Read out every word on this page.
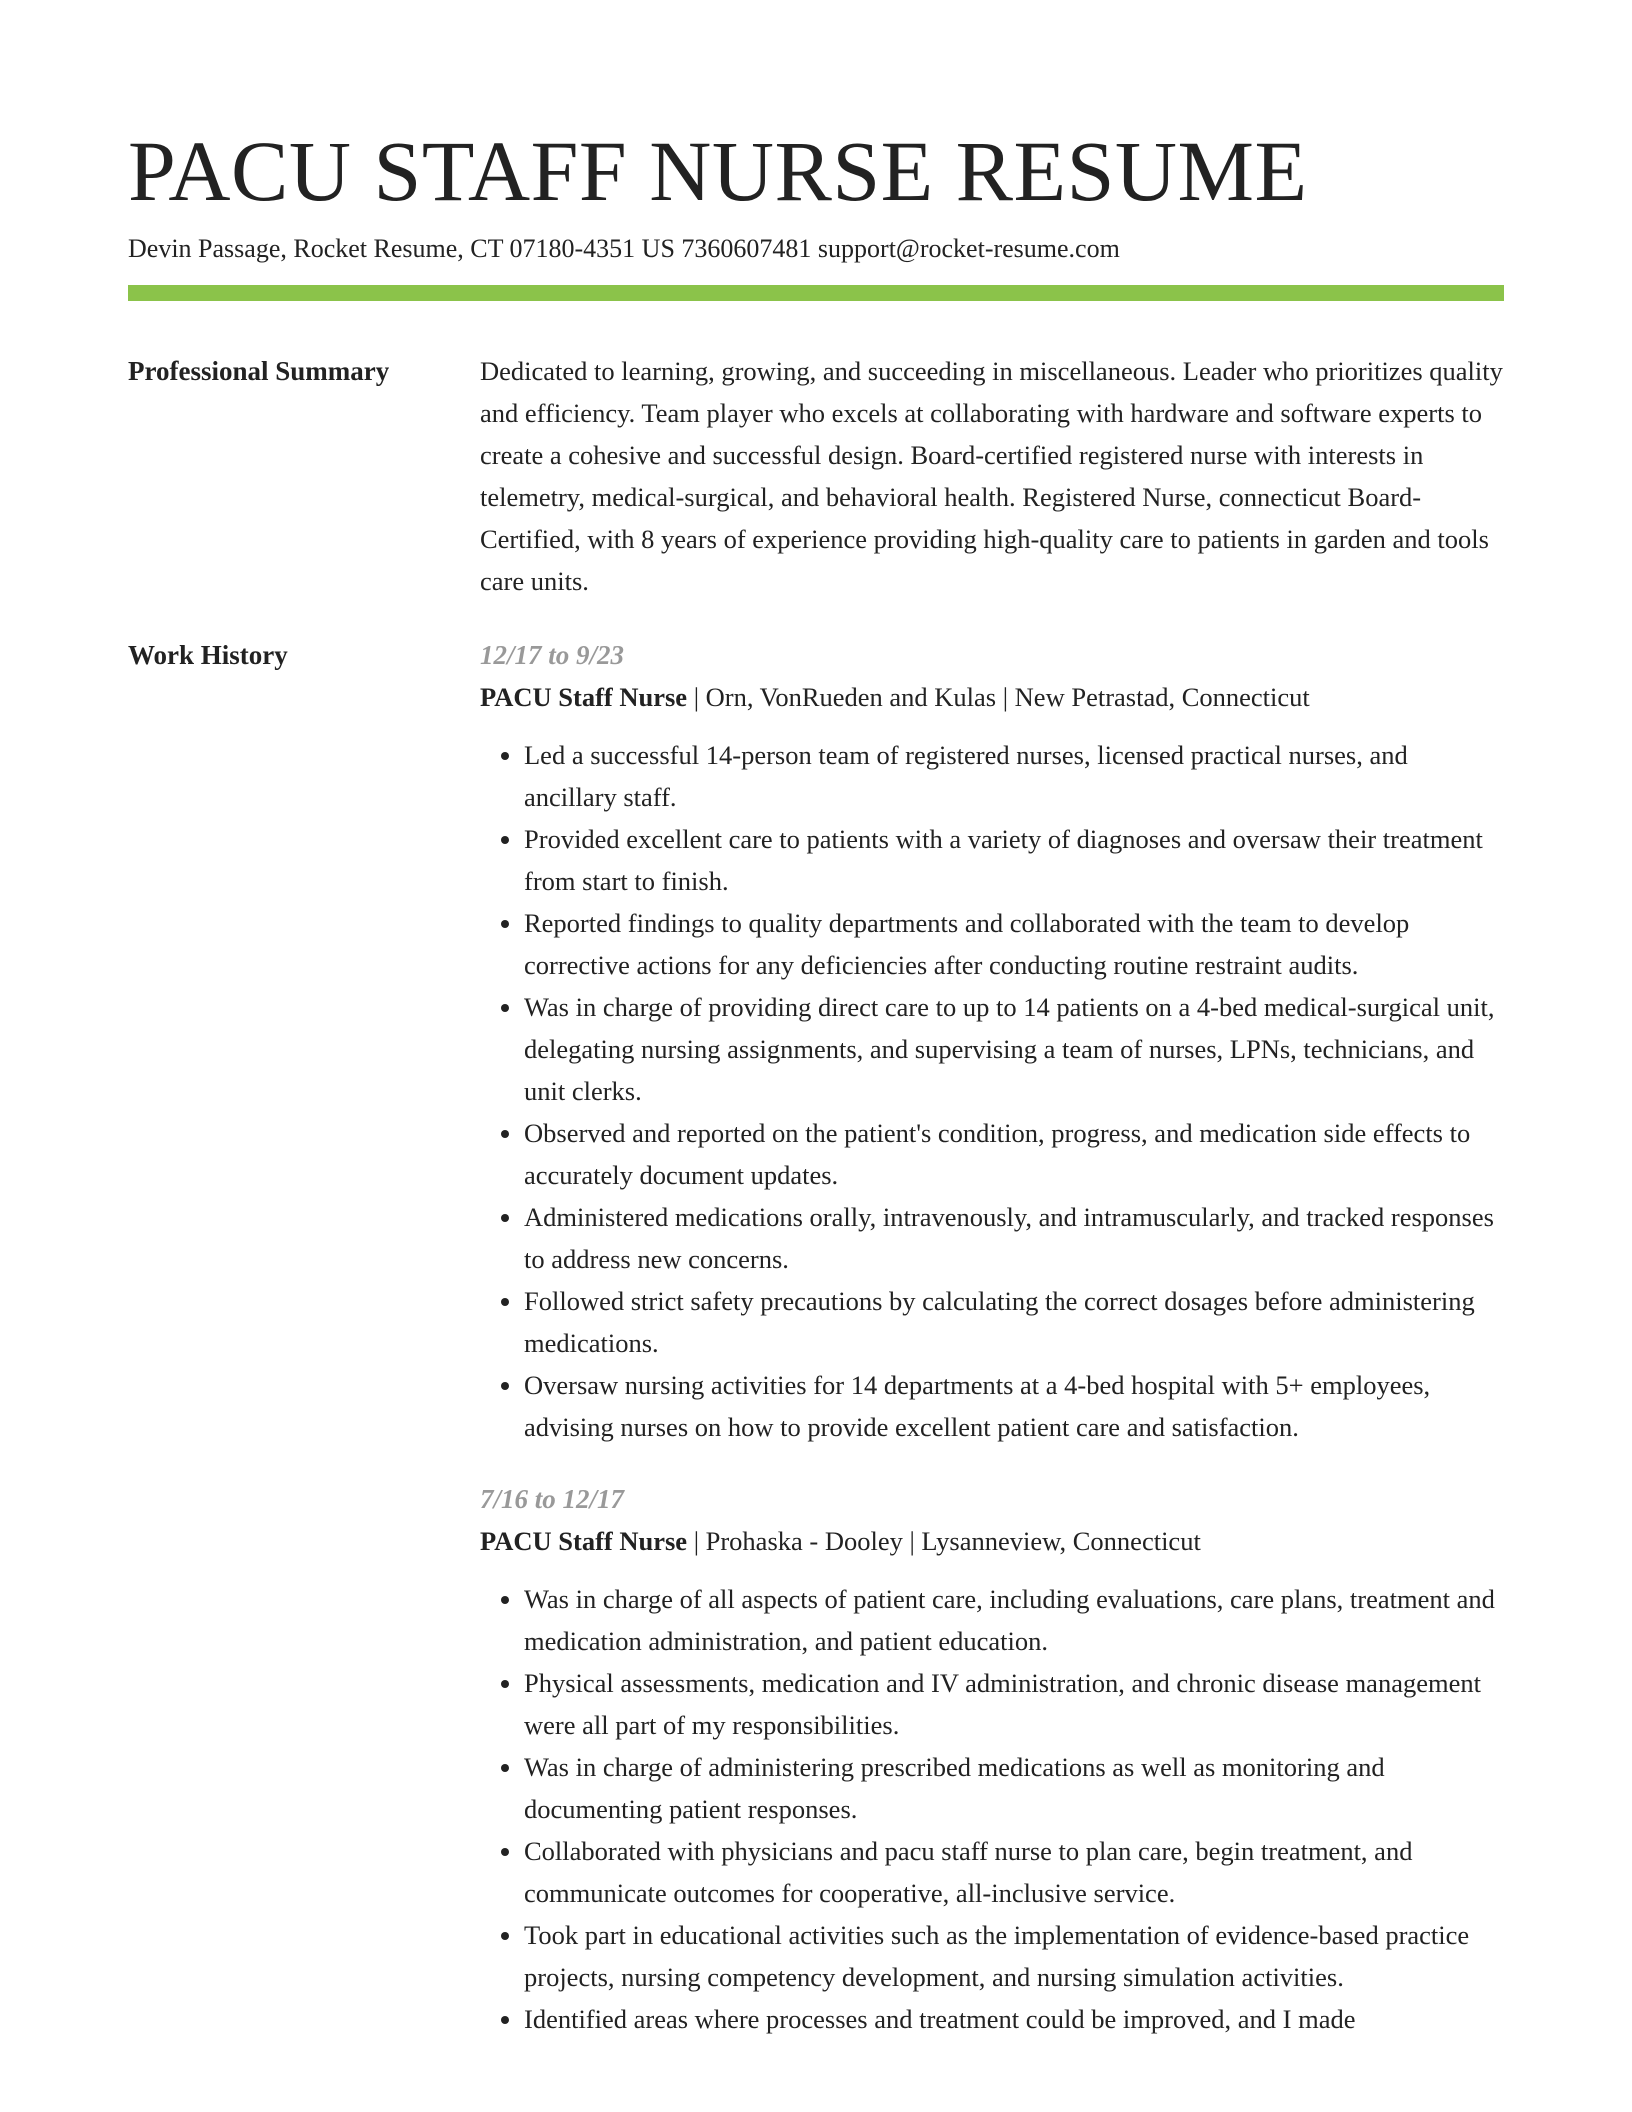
PACU STAFF NURSE RESUME
Devin Passage, Rocket Resume, CT 07180-4351 US 7360607481 support@rocket-resume.com
Professional Summary	Dedicated to learning, growing, and succeeding in miscellaneous. Leader who prioritizes quality and efficiency. Team player who excels at collaborating with hardware and software experts to create a cohesive and successful design. Board-certified registered nurse with interests in telemetry, medical-surgical, and behavioral health. Registered Nurse, connecticut Board-Certified, with 8 years of experience providing high-quality care to patients in garden and tools care units.

Work History	12/17 to 9/23
PACU Staff Nurse | Orn, VonRueden and Kulas | New Petrastad, Connecticut
• Led a successful 14-person team of registered nurses, licensed practical nurses, and ancillary staff.
• Provided excellent care to patients with a variety of diagnoses and oversaw their treatment from start to finish.
• Reported findings to quality departments and collaborated with the team to develop corrective actions for any deficiencies after conducting routine restraint audits.
• Was in charge of providing direct care to up to 14 patients on a 4-bed medical-surgical unit, delegating nursing assignments, and supervising a team of nurses, LPNs, technicians, and unit clerks.
• Observed and reported on the patient's condition, progress, and medication side effects to accurately document updates.
• Administered medications orally, intravenously, and intramuscularly, and tracked responses to address new concerns.
• Followed strict safety precautions by calculating the correct dosages before administering medications.
• Oversaw nursing activities for 14 departments at a 4-bed hospital with 5+ employees, advising nurses on how to provide excellent patient care and satisfaction.
7/16 to 12/17
PACU Staff Nurse | Prohaska - Dooley | Lysanneview, Connecticut
• Was in charge of all aspects of patient care, including evaluations, care plans, treatment and medication administration, and patient education.
• Physical assessments, medication and IV administration, and chronic disease management were all part of my responsibilities.
• Was in charge of administering prescribed medications as well as monitoring and documenting patient responses.
• Collaborated with physicians and pacu staff nurse to plan care, begin treatment, and communicate outcomes for cooperative, all-inclusive service.
• Took part in educational activities such as the implementation of evidence-based practice projects, nursing competency development, and nursing simulation activities.
• Identified areas where processes and treatment could be improved, and I made
